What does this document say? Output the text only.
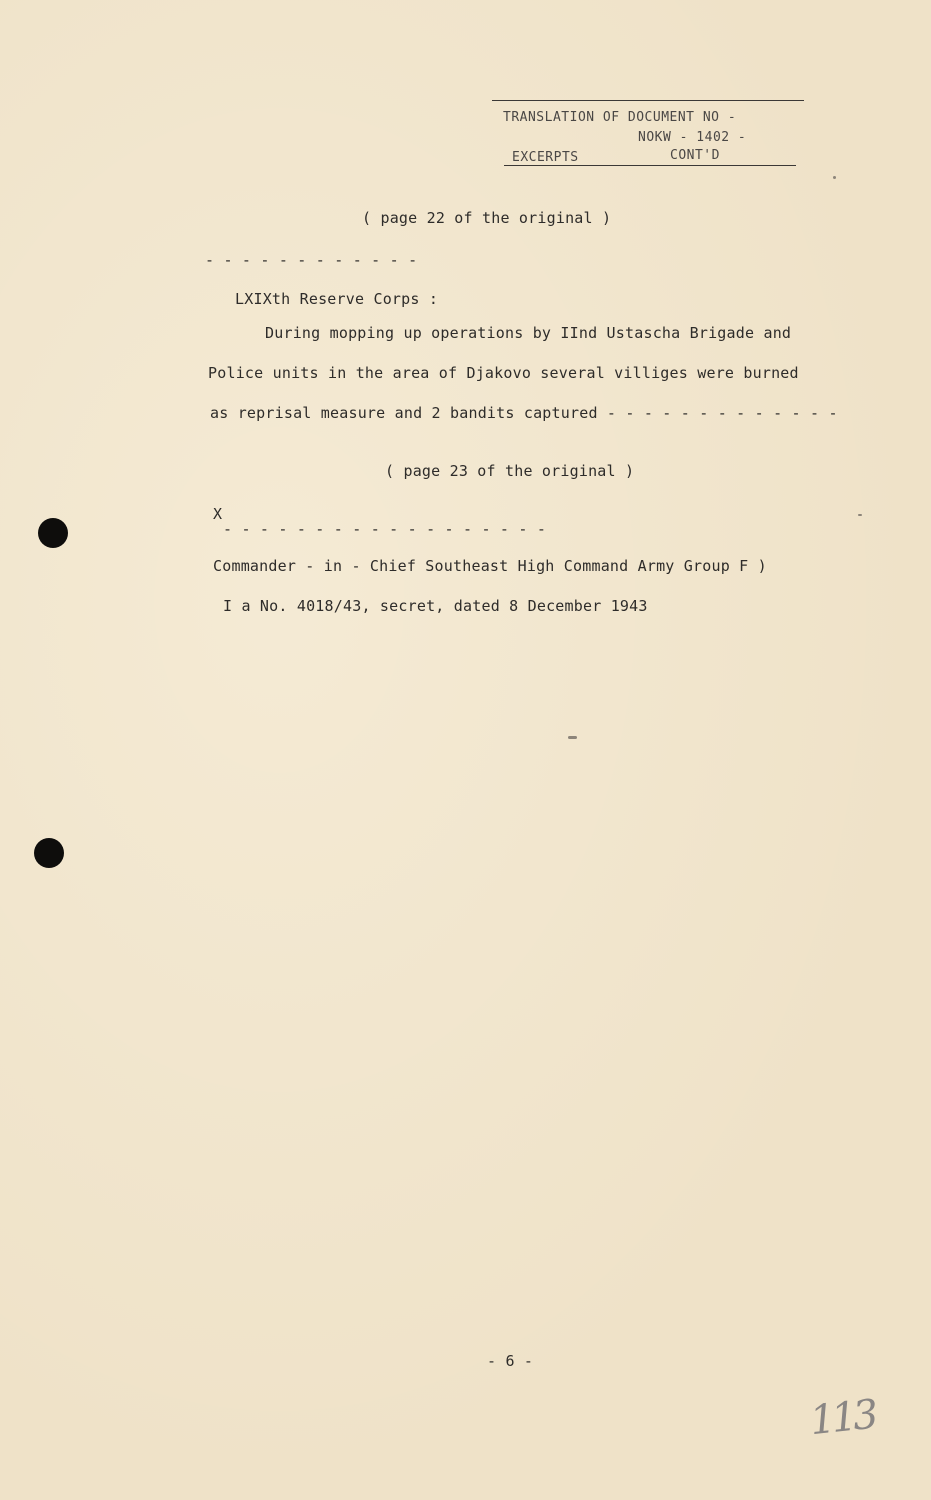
TRANSLATION OF DOCUMENT NO -
NOKW - 1402 -
EXCERPTS	CONT'D
( page 22 of the original )
- - - - - - - - - - - -
LXIXth Reserve Corps :
During mopping up operations by IInd Ustascha Brigade and
Police units in the area of Djakovo several villiges were burned
as reprisal measure and 2 bandits captured - - - - - - - - - - - - -
( page 23 of the original )
X
- - - - - - - - - - - - - - - - - -
Commander - in - Chief Southeast High Command Army Group F )
I a No. 4018/43, secret, dated 8 December 1943
- 6 -
113
